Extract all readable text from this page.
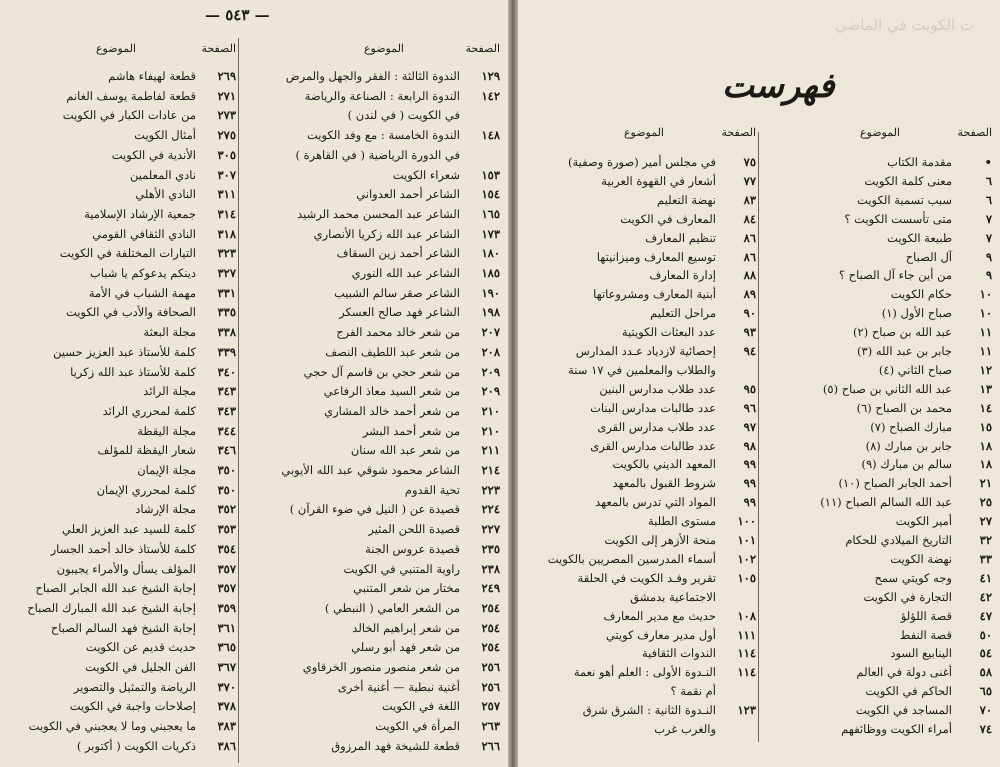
— ٥٤٣ —
ت الكويت في الماضي
فهرست
الصفحة
الموضوع
•
مقدمة الكتاب
٦
معنى كلمة الكويت
٦
سبب تسمية الكويت
٧
متى تأسست الكويت ؟
٧
طبيعة الكويت
٩
آل الصباح
٩
من أين جاء آل الصباح ؟
١٠
حكام الكويت
١٠
صباح الأول (١)
١١
عبد الله بن صباح (٢)
١١
جابر بن عبد الله (٣)
١٢
صباح الثاني (٤)
١٣
عبد الله الثاني بن صباح (٥)
١٤
محمد بن الصباح (٦)
١٥
مبارك الصباح (٧)
١٨
جابر بن مبارك (٨)
١٨
سالم بن مبارك (٩)
٢١
أحمد الجابر الصباح (١٠)
٢٥
عبد الله السالم الصباح (١١)
٢٧
أمير الكويت
٣٢
التاريخ الميلادي للحكام
٣٣
نهضة الكويت
٤١
وجه كويتي سمح
٤٢
التجارة في الكويت
٤٧
قصة اللؤلؤ
٥٠
قصة النفط
٥٤
الينابيع السود
٥٨
أغنى دولة في العالم
٦٥
الحاكم في الكويت
٧٠
المساجد في الكويت
٧٤
أمراء الكويت ووظائفهم
الصفحة
الموضوع
٧٥
في مجلس أمير (صورة وصفية)
٧٧
أشعار في القهوة العربية
٨٣
نهضة التعليم
٨٤
المعارف في الكويت
٨٦
تنظيم المعارف
٨٦
توسيع المعارف وميزانيتها
٨٨
إدارة المعارف
٨٩
أبنية المعارف ومشروعاتها
٩٠
مراحل التعليم
٩٣
عدد البعثات الكويتية
٩٤
إحصائية لازدياد عـدد المدارس
والطلاب والمعلمين في ١٧ سنة
٩٥
عدد طلاب مدارس البنين
٩٦
عدد طالبات مدارس البنات
٩٧
عدد طلاب مدارس القرى
٩٨
عدد طالبات مدارس القرى
٩٩
المعهد الديني بالكويت
٩٩
شروط القبول بالمعهد
٩٩
المواد التي تدرس بالمعهد
١٠٠
مستوى الطلبة
١٠١
منحة الأزهر إلى الكويت
١٠٢
أسماء المدرسين المصريين بالكويت
١٠٥
تقرير وفـد الكويت في الحلقة
الاجتماعية بدمشق
١٠٨
حديث مع مدير المعارف
١١١
أول مدير معارف كويتي
١١٤
الندوات الثقافية
١١٤
النـدوة الأولى : العلم أهو نعمة
أم نقمة ؟
١٢٣
النـدوة الثانية : الشرق شرق
والغرب غرب
الصفحة
الموضوع
١٢٩
الندوة الثالثة : الفقر والجهل والمرض
١٤٢
الندوة الرابعة : الصناعة والرياضة
في الكويت ( في لندن )
١٤٨
الندوة الخامسة : مع وفد الكويت
في الدورة الرياضية ( في القاهرة )
١٥٣
شعراء الكويت
١٥٤
الشاعر أحمد العدواني
١٦٥
الشاعر عبد المحسن محمد الرشيد
١٧٣
الشاعر عبد الله زكريا الأنصاري
١٨٠
الشاعر أحمد زين السقاف
١٨٥
الشاعر عبد الله النوري
١٩٠
الشاعر صقر سالم الشبيب
١٩٨
الشاعر فهد صالح العسكر
٢٠٧
من شعر خالد محمد الفرج
٢٠٨
من شعر عبد اللطيف النصف
٢٠٩
من شعر حجي بن قاسم آل حجي
٢٠٩
من شعر السيد معاذ الرفاعي
٢١٠
من شعر أحمد خالد المشاري
٢١٠
من شعر أحمد البشر
٢١١
من شعر عبد الله سنان
٢١٤
الشاعر محمود شوقي عبد الله الأيوبي
٢٢٣
تحية القدوم
٢٢٤
قصيدة عن ( النيل في ضوء القرآن )
٢٢٧
قصيدة اللحن المثير
٢٣٥
قصيدة عروس الجنة
٢٣٨
راوية المتنبي في الكويت
٢٤٩
مختار من شعر المتنبي
٢٥٤
من الشعر العامي ( النبطي )
٢٥٤
من شعر إبراهيم الخالد
٢٥٤
من شعر فهد أبو رسلي
٢٥٦
من شعر منصور منصور الخرقاوي
٢٥٦
أغنية نبطية — أغنية أخرى
٢٥٧
اللغة في الكويت
٢٦٣
المرأة في الكويت
٢٦٦
قطعة للشيخة فهد المرزوق
الصفحة
الموضوع
٢٦٩
قطعة لهيفاء هاشم
٢٧١
قطعة لفاطمة يوسف الغانم
٢٧٣
من عادات الكبار في الكويت
٢٧٥
أمثال الكويت
٣٠٥
الأندية في الكويت
٣٠٧
نادي المعلمين
٣١١
النادي الأهلي
٣١٤
جمعية الإرشاد الإسلامية
٣١٨
النادي الثقافي القومي
٣٢٣
التيارات المختلفة في الكويت
٣٢٧
دينكم يدعوكم يا شباب
٣٣١
مهمة الشباب في الأمة
٣٣٥
الصحافة والأدب في الكويت
٣٣٨
مجلة البعثة
٣٣٩
كلمة للأستاذ عبد العزيز حسين
٣٤٠
كلمة للأستاذ عبد الله زكريا
٣٤٣
مجلة الرائد
٣٤٣
كلمة لمحرري الرائد
٣٤٤
مجلة اليقظة
٣٤٦
شعار اليقظة للمؤلف
٣٥٠
مجلة الإيمان
٣٥٠
كلمة لمحرري الإيمان
٣٥٢
مجلة الإرشاد
٣٥٣
كلمة للسيد عبد العزيز العلي
٣٥٤
كلمة للأستاذ خالد أحمد الجسار
٣٥٧
المؤلف يسأل والأمراء يجيبون
٣٥٧
إجابة الشيخ عبد الله الجابر الصباح
٣٥٩
إجابة الشيخ عبد الله المبارك الصباح
٣٦١
إجابة الشيخ فهد السالم الصباح
٣٦٥
حديث قديم عن الكويت
٣٦٧
الفن الجليل في الكويت
٣٧٠
الرياضة والتمثيل والتصوير
٣٧٨
إصلاحات واجبة في الكويت
٣٨٣
ما يعجبني وما لا يعجبني في الكويت
٣٨٦
ذكريات الكويت ( أكتوبر )
